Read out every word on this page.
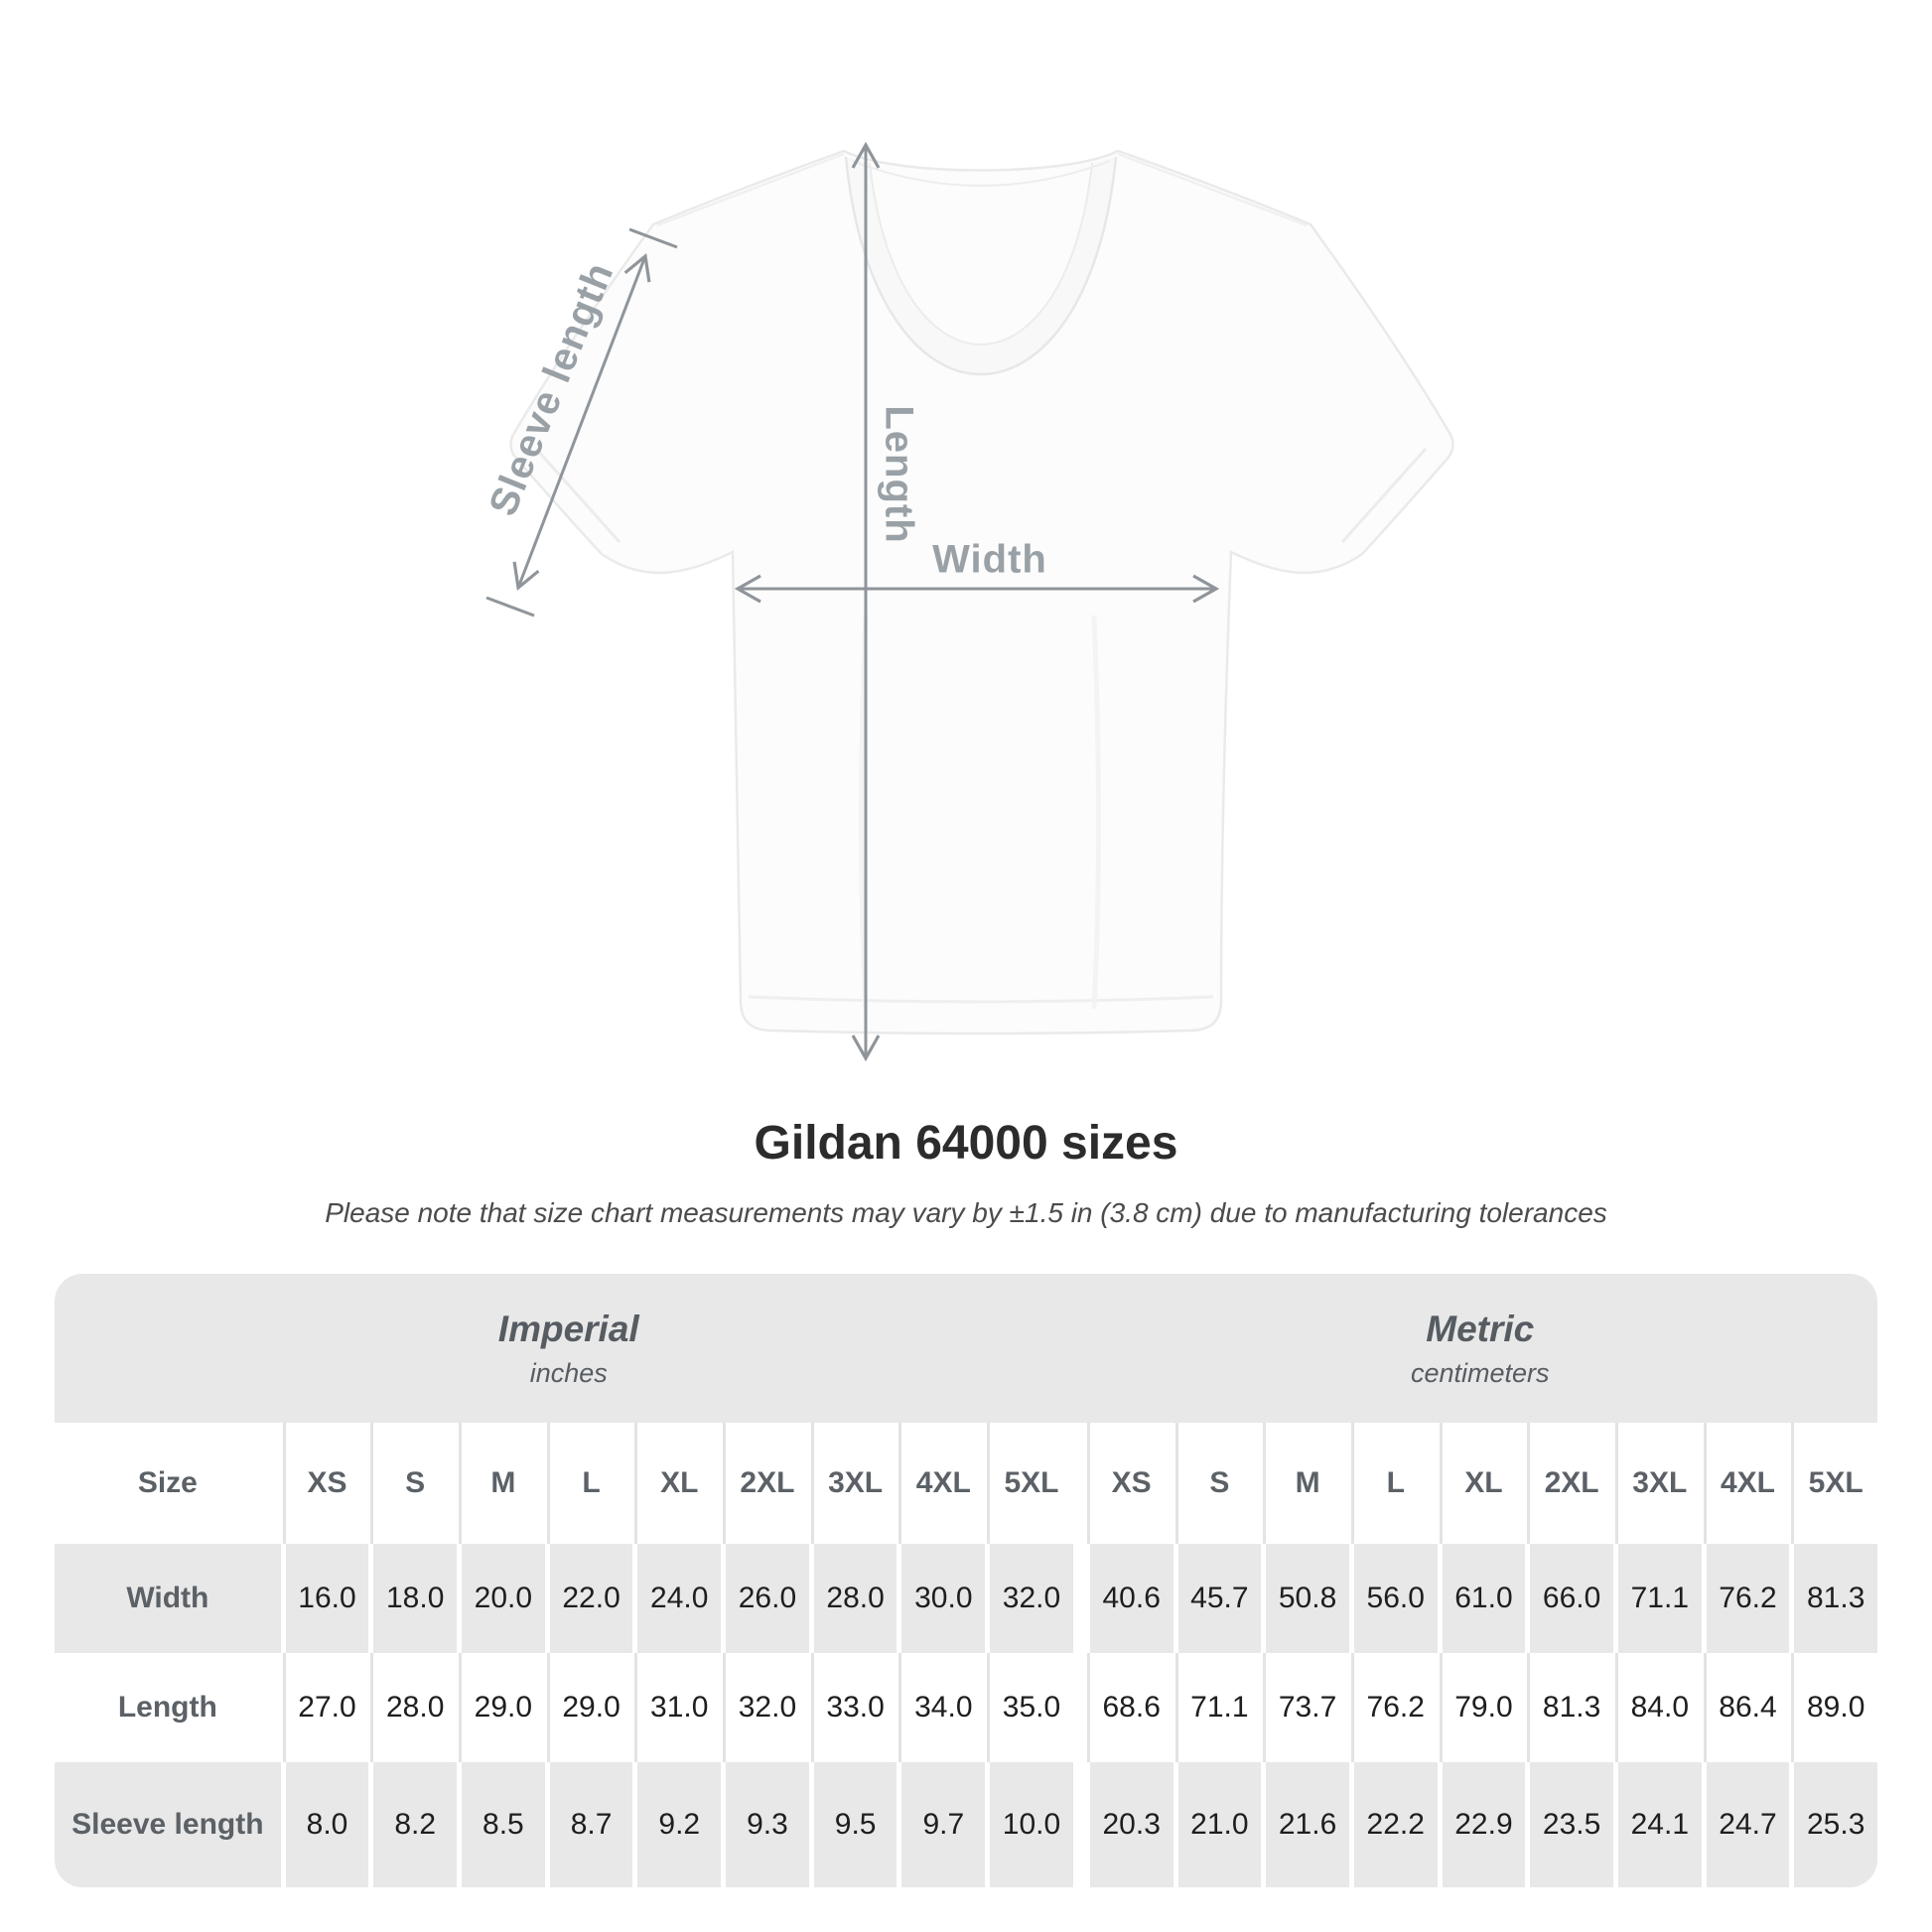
Sleeve length	Length
Width
Gildan 64000 sizes
Please note that size chart measurements may vary by ±1.5 in (3.8 cm) due to manufacturing tolerances
Imperial
inches
Metric
centimeters
Size	XS	S	M	L	XL	2XL	3XL	4XL	5XL	XS	S	M	L	XL	2XL	3XL	4XL	5XL
Width	16.0	18.0	20.0	22.0	24.0	26.0	28.0	30.0	32.0	40.6	45.7	50.8	56.0	61.0	66.0	71.1	76.2	81.3
Length	27.0	28.0	29.0	29.0	31.0	32.0	33.0	34.0	35.0	68.6	71.1	73.7	76.2	79.0	81.3	84.0	86.4	89.0
Sleeve length	8.0	8.2	8.5	8.7	9.2	9.3	9.5	9.7	10.0	20.3	21.0	21.6	22.2	22.9	23.5	24.1	24.7	25.3
